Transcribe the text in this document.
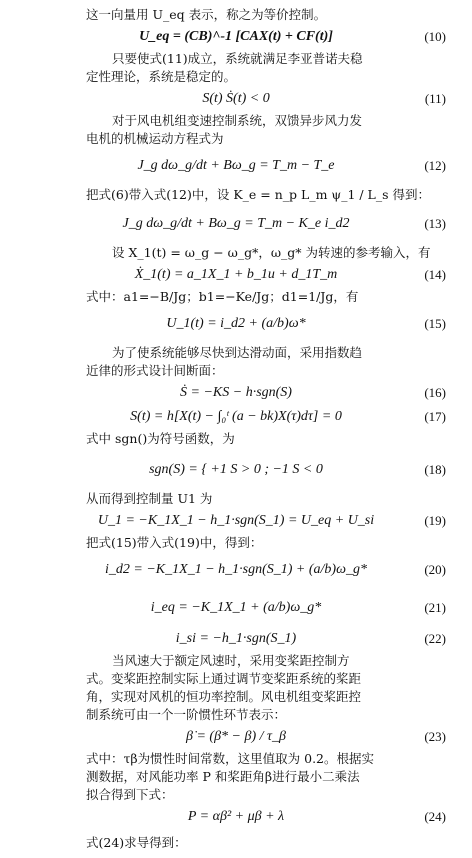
这一向量用 U_eq 表示，称之为等价控制。
U_eq = (CB)^-1 [CAX(t) + CF(t)]	(10)
只要使式(11)成立，系统就满足李亚普诺夫稳
定性理论，系统是稳定的。
S(t) Ṡ(t) < 0	(11)
对于风电机组变速控制系统，双馈异步风力发
电机的机械运动方程式为
J_g dω_g/dt + Bω_g = T_m − T_e	(12)
把式(6)带入式(12)中，设 K_e = n_p L_m ψ_1 / L_s 得到：
J_g dω_g/dt + Bω_g = T_m − K_e i_d2	(13)
设 X_1(t) = ω_g − ω_g*，ω_g* 为转速的参考输入，有
Ẋ_1(t) = a_1X_1 + b_1u + d_1T_m	(14)
式中：a1=−B/Jg；b1=−Ke/Jg；d1=1/Jg，有
U_1(t) = i_d2 + (a/b)ω*	(15)
为了使系统能够尽快到达滑动面，采用指数趋
近律的形式设计间断面：
Ṡ = −KS − h·sgn(S)	(16)
S(t) = h[X(t) − ∫₀ᵗ (a − bk)X(τ)dτ] = 0	(17)
式中 sgn()为符号函数，为
sgn(S) = { +1 S > 0 ; −1 S < 0	(18)
从而得到控制量 U1 为
U_1 = −K_1X_1 − h_1·sgn(S_1) = U_eq + U_si	(19)
把式(15)带入式(19)中，得到：
i_d2 = −K_1X_1 − h_1·sgn(S_1) + (a/b)ω_g*	(20)
i_eq = −K_1X_1 + (a/b)ω_g*	(21)
i_si = −h_1·sgn(S_1)	(22)
当风速大于额定风速时，采用变桨距控制方
式。变桨距控制实际上通过调节变桨距系统的桨距
角，实现对风机的恒功率控制。风电机组变桨距控
制系统可由一个一阶惯性环节表示：
β̇ = (β* − β) / τ_β	(23)
式中：τβ为惯性时间常数，这里值取为 0.2。根据实
测数据，对风能功率 P 和桨距角β进行最小二乘法
拟合得到下式：
P = αβ² + μβ + λ	(24)
式(24)求导得到：
